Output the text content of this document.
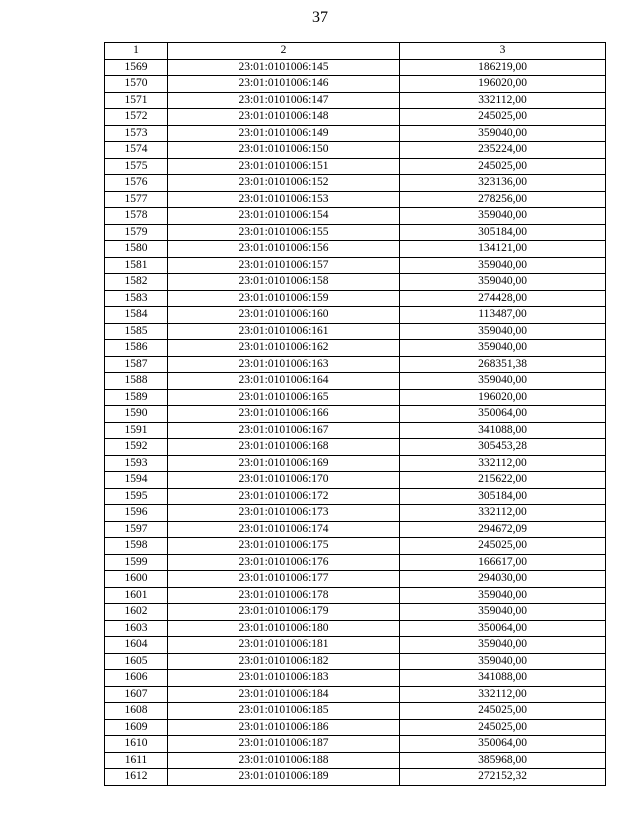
37
1	2	3
1569	23:01:0101006:145	186219,00
1570	23:01:0101006:146	196020,00
1571	23:01:0101006:147	332112,00
1572	23:01:0101006:148	245025,00
1573	23:01:0101006:149	359040,00
1574	23:01:0101006:150	235224,00
1575	23:01:0101006:151	245025,00
1576	23:01:0101006:152	323136,00
1577	23:01:0101006:153	278256,00
1578	23:01:0101006:154	359040,00
1579	23:01:0101006:155	305184,00
1580	23:01:0101006:156	134121,00
1581	23:01:0101006:157	359040,00
1582	23:01:0101006:158	359040,00
1583	23:01:0101006:159	274428,00
1584	23:01:0101006:160	113487,00
1585	23:01:0101006:161	359040,00
1586	23:01:0101006:162	359040,00
1587	23:01:0101006:163	268351,38
1588	23:01:0101006:164	359040,00
1589	23:01:0101006:165	196020,00
1590	23:01:0101006:166	350064,00
1591	23:01:0101006:167	341088,00
1592	23:01:0101006:168	305453,28
1593	23:01:0101006:169	332112,00
1594	23:01:0101006:170	215622,00
1595	23:01:0101006:172	305184,00
1596	23:01:0101006:173	332112,00
1597	23:01:0101006:174	294672,09
1598	23:01:0101006:175	245025,00
1599	23:01:0101006:176	166617,00
1600	23:01:0101006:177	294030,00
1601	23:01:0101006:178	359040,00
1602	23:01:0101006:179	359040,00
1603	23:01:0101006:180	350064,00
1604	23:01:0101006:181	359040,00
1605	23:01:0101006:182	359040,00
1606	23:01:0101006:183	341088,00
1607	23:01:0101006:184	332112,00
1608	23:01:0101006:185	245025,00
1609	23:01:0101006:186	245025,00
1610	23:01:0101006:187	350064,00
1611	23:01:0101006:188	385968,00
1612	23:01:0101006:189	272152,32
